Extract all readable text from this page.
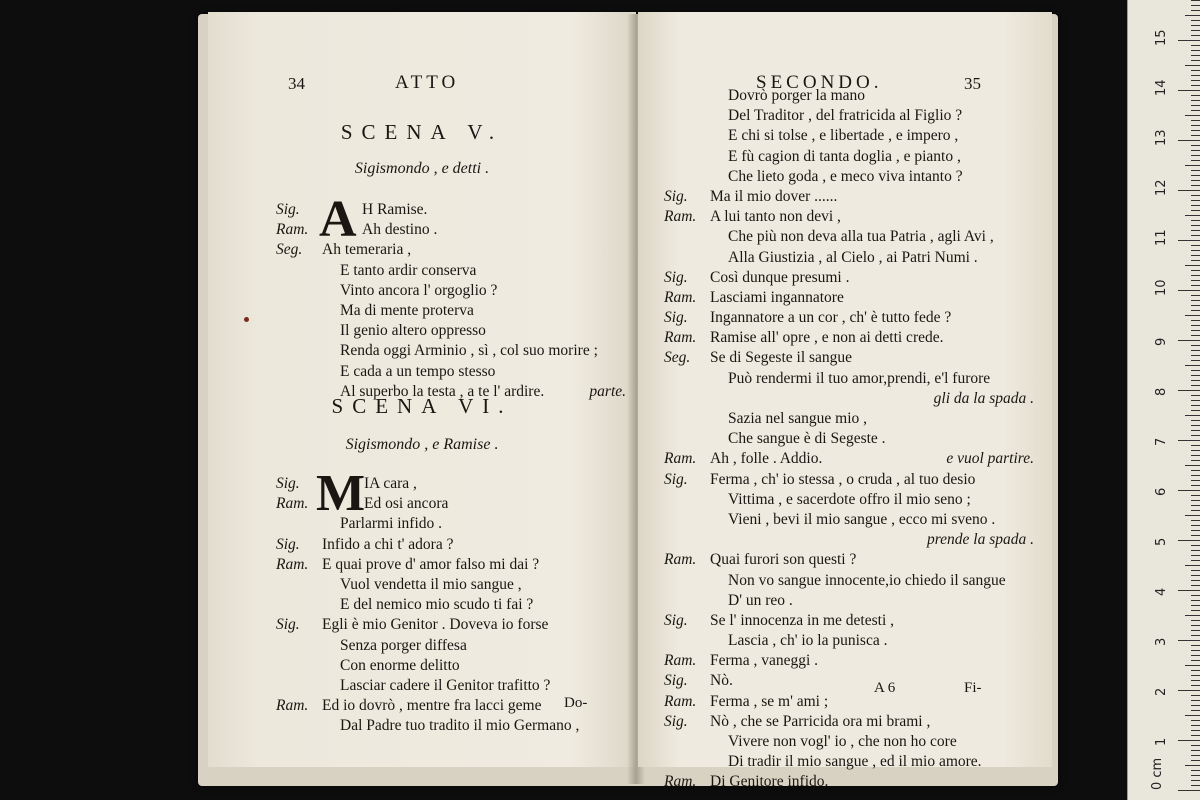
34	ATTO
SCENA V.
Sigismondo , e detti .
A
Sig.	H Ramise.
Ram.	Ah destino .
Seg. Ah temeraria ,
E tanto ardir conserva
Vinto ancora l' orgoglio ?
Ma di mente proterva
Il genio altero oppresso
Renda oggi Arminio , sì , col suo morire ;
E cada a un tempo stesso
Al superbo la testa , a te l' ardire.	parte.
SCENA VI.
Sigismondo , e Ramise .
M
Sig.	IA cara ,
Ram.	Ed osi ancora
Parlarmi infido .
Sig. Infido a chi t' adora ?
Ram. E quai prove d' amor falso mi dai ?
Vuol vendetta il mio sangue ,
E del nemico mio scudo ti fai ?
Sig. Egli è mio Genitor . Doveva io forse
Senza porger diffesa
Con enorme delitto
Lasciar cadere il Genitor trafitto ?
Ram. Ed io dovrò , mentre fra lacci geme
Dal Padre tuo tradito il mio Germano ,
Do-
SECONDO.	35
Dovrò porger la mano
Del Traditor , del fratricida al Figlio ?
E chi si tolse , e libertade , e impero ,
E fù cagion di tanta doglia , e pianto ,
Che lieto goda , e meco viva intanto ?
Sig. Ma il mio dover ......
Ram. A lui tanto non devi ,
Che più non deva alla tua Patria , agli Avi ,
Alla Giustizia , al Cielo , ai Patri Numi .
Sig. Così dunque presumi .
Ram. Lasciami ingannatore
Sig. Ingannatore a un cor , ch' è tutto fede ?
Ram. Ramise all' opre , e non ai detti crede.
Seg. Se di Segeste il sangue
Può rendermi il tuo amor,prendi, e'l furore
gli da la spada .
Sazia nel sangue mio ,
Che sangue è di Segeste .
Ram. Ah , folle . Addio.	e vuol partire.
Sig. Ferma , ch' io stessa , o cruda , al tuo desio
Vittima , e sacerdote offro il mio seno ;
Vieni , bevi il mio sangue , ecco mi sveno .
prende la spada .
Ram. Quai furori son questi ?
Non vo sangue innocente,io chiedo il sangue
D' un reo .
Sig. Se l' innocenza in me detesti ,
Lascia , ch' io la punisca .
Ram. Ferma , vaneggi .
Sig. Nò.
Ram. Ferma , se m' ami ;
Sig. Nò , che se Parricida ora mi brami ,
Vivere non vogl' io , che non ho core
Di tradir il mio sangue , ed il mio amore.
Ram. Di Genitore infido.
A 6	Fi-
0 cm
1
2
3
4
5
6
7
8
9
10
11
12
13
14
15
